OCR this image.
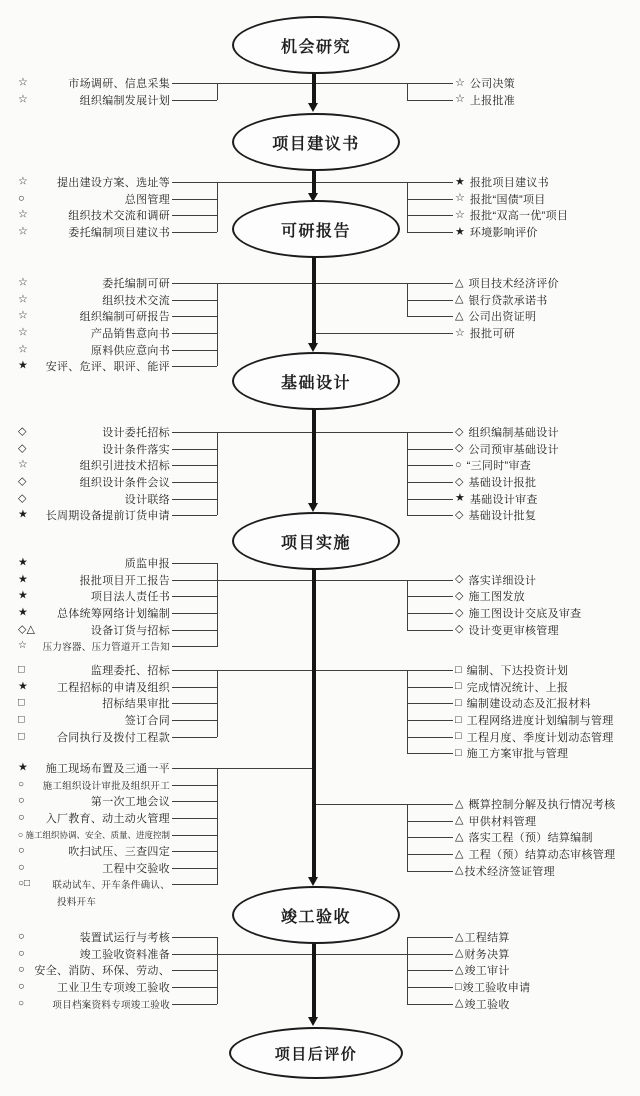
机会研究
项目建议书
可研报告
基础设计
项目实施
竣工验收
项目后评价
☆	市场调研、信息采集
☆	组织编制发展计划
☆ 公司决策
☆ 上报批准
☆	提出建设方案、选址等
○	总图管理
☆	组织技术交流和调研
☆	委托编制项目建议书
★ 报批项目建议书
☆ 报批“国债”项目
☆ 报批“双高一优”项目
★ 环境影响评价
☆	委托编制可研
☆	组织技术交流
☆	组织编制可研报告
☆	产品销售意向书
☆	原料供应意向书
★ 安评、危评、职评、能评
△ 项目技术经济评价
△ 银行贷款承诺书
△ 公司出资证明
☆ 报批可研
◇	设计委托招标
◇	设计条件落实
☆	组织引进技术招标
◇	组织设计条件会议
◇	设计联络
★ 长周期设备提前订货申请
◇ 组织编制基础设计
◇ 公司预审基础设计
○ “三同时”审查
◇ 基础设计报批
★ 基础设计审查
◇ 基础设计批复
★	质监申报
★	报批项目开工报告
★	项目法人责任书
★	总体统筹网络计划编制
◇△	设备订货与招标
☆ 压力容器、压力管道开工告知
◇ 落实详细设计
◇ 施工图发放
◇ 施工图设计交底及审查
◇ 设计变更审核管理
□	监理委托、招标
★	工程招标的申请及组织
□	招标结果审批
□	签订合同
□	合同执行及拨付工程款
□ 编制、下达投资计划
□ 完成情况统计、上报
□ 编制建设动态及汇报材料
□ 工程网络进度计划编制与管理
□ 工程月度、季度计划动态管理
□ 施工方案审批与管理
★ 施工现场布置及三通一平
○ 施工组织设计审批及组织开工
○	第一次工地会议
○ 入厂教育、动土动火管理
○ 施工组织协调、安全、质量、进度控制
○	吹扫试压、三查四定
○	工程中交验收
○□ 联动试车、开车条件确认、
投料开车
△ 概算控制分解及执行情况考核
△ 甲供材料管理
△ 落实工程（预）结算编制
△ 工程（预）结算动态审核管理
△ 技术经济签证管理
○	装置试运行与考核
○	竣工验收资料准备
○ 安全、消防、环保、劳动、
○	工业卫生专项竣工验收
○	项目档案资料专项竣工验收
△ 工程结算
△ 财务决算
△ 竣工审计
□ 竣工验收申请
△ 竣工验收
